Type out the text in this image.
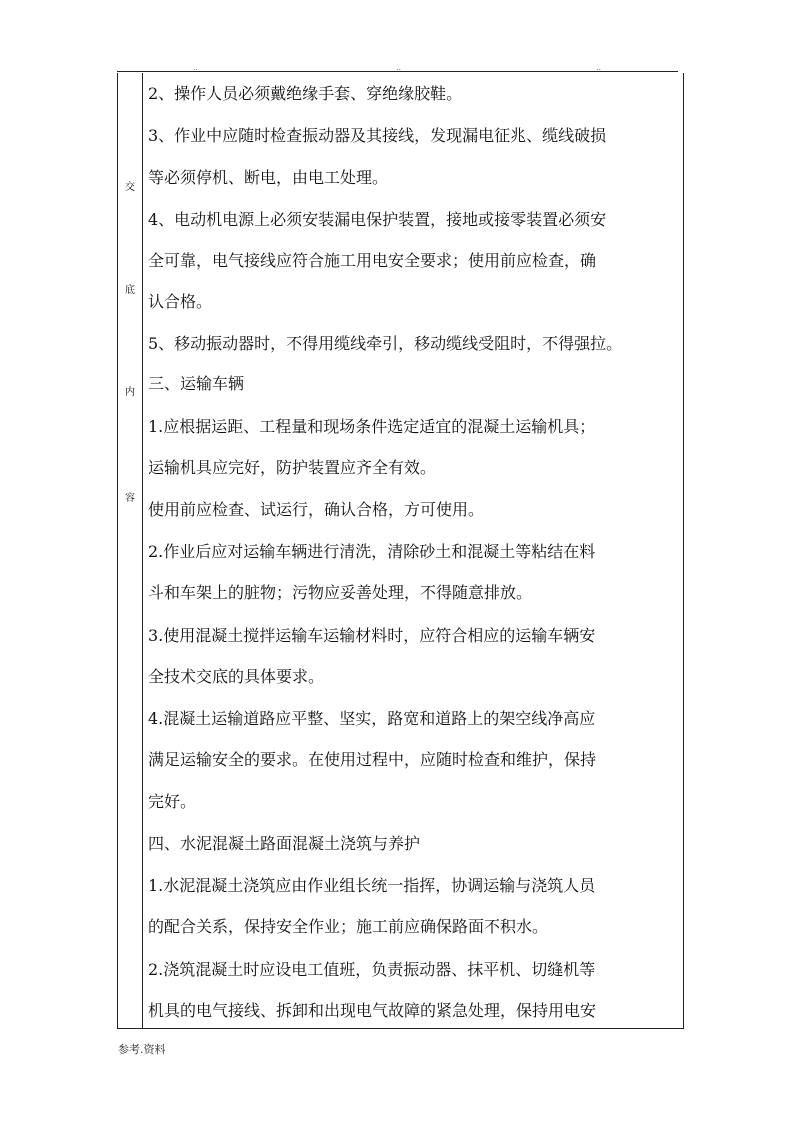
..	..	..
交
底
内
容
2、操作人员必须戴绝缘手套、穿绝缘胶鞋。
3、作业中应随时检查振动器及其接线，发现漏电征兆、缆线破损
等必须停机、断电，由电工处理。
4、电动机电源上必须安装漏电保护装置，接地或接零装置必须安
全可靠，电气接线应符合施工用电安全要求；使用前应检查，确
认合格。
5、移动振动器时，不得用缆线牵引，移动缆线受阻时，不得强拉。
三、运输车辆
1.应根据运距、工程量和现场条件选定适宜的混凝土运输机具；
运输机具应完好，防护装置应齐全有效。
使用前应检查、试运行，确认合格，方可使用。
2.作业后应对运输车辆进行清洗，清除砂土和混凝土等粘结在料
斗和车架上的脏物；污物应妥善处理，不得随意排放。
3.使用混凝土搅拌运输车运输材料时，应符合相应的运输车辆安
全技术交底的具体要求。
4.混凝土运输道路应平整、坚实，路宽和道路上的架空线净高应
满足运输安全的要求。在使用过程中，应随时检查和维护，保持
完好。
四、水泥混凝土路面混凝土浇筑与养护
1.水泥混凝土浇筑应由作业组长统一指挥，协调运输与浇筑人员
的配合关系，保持安全作业；施工前应确保路面不积水。
2.浇筑混凝土时应设电工值班，负责振动器、抹平机、切缝机等
机具的电气接线、拆卸和出现电气故障的紧急处理，保持用电安
参考.资料
